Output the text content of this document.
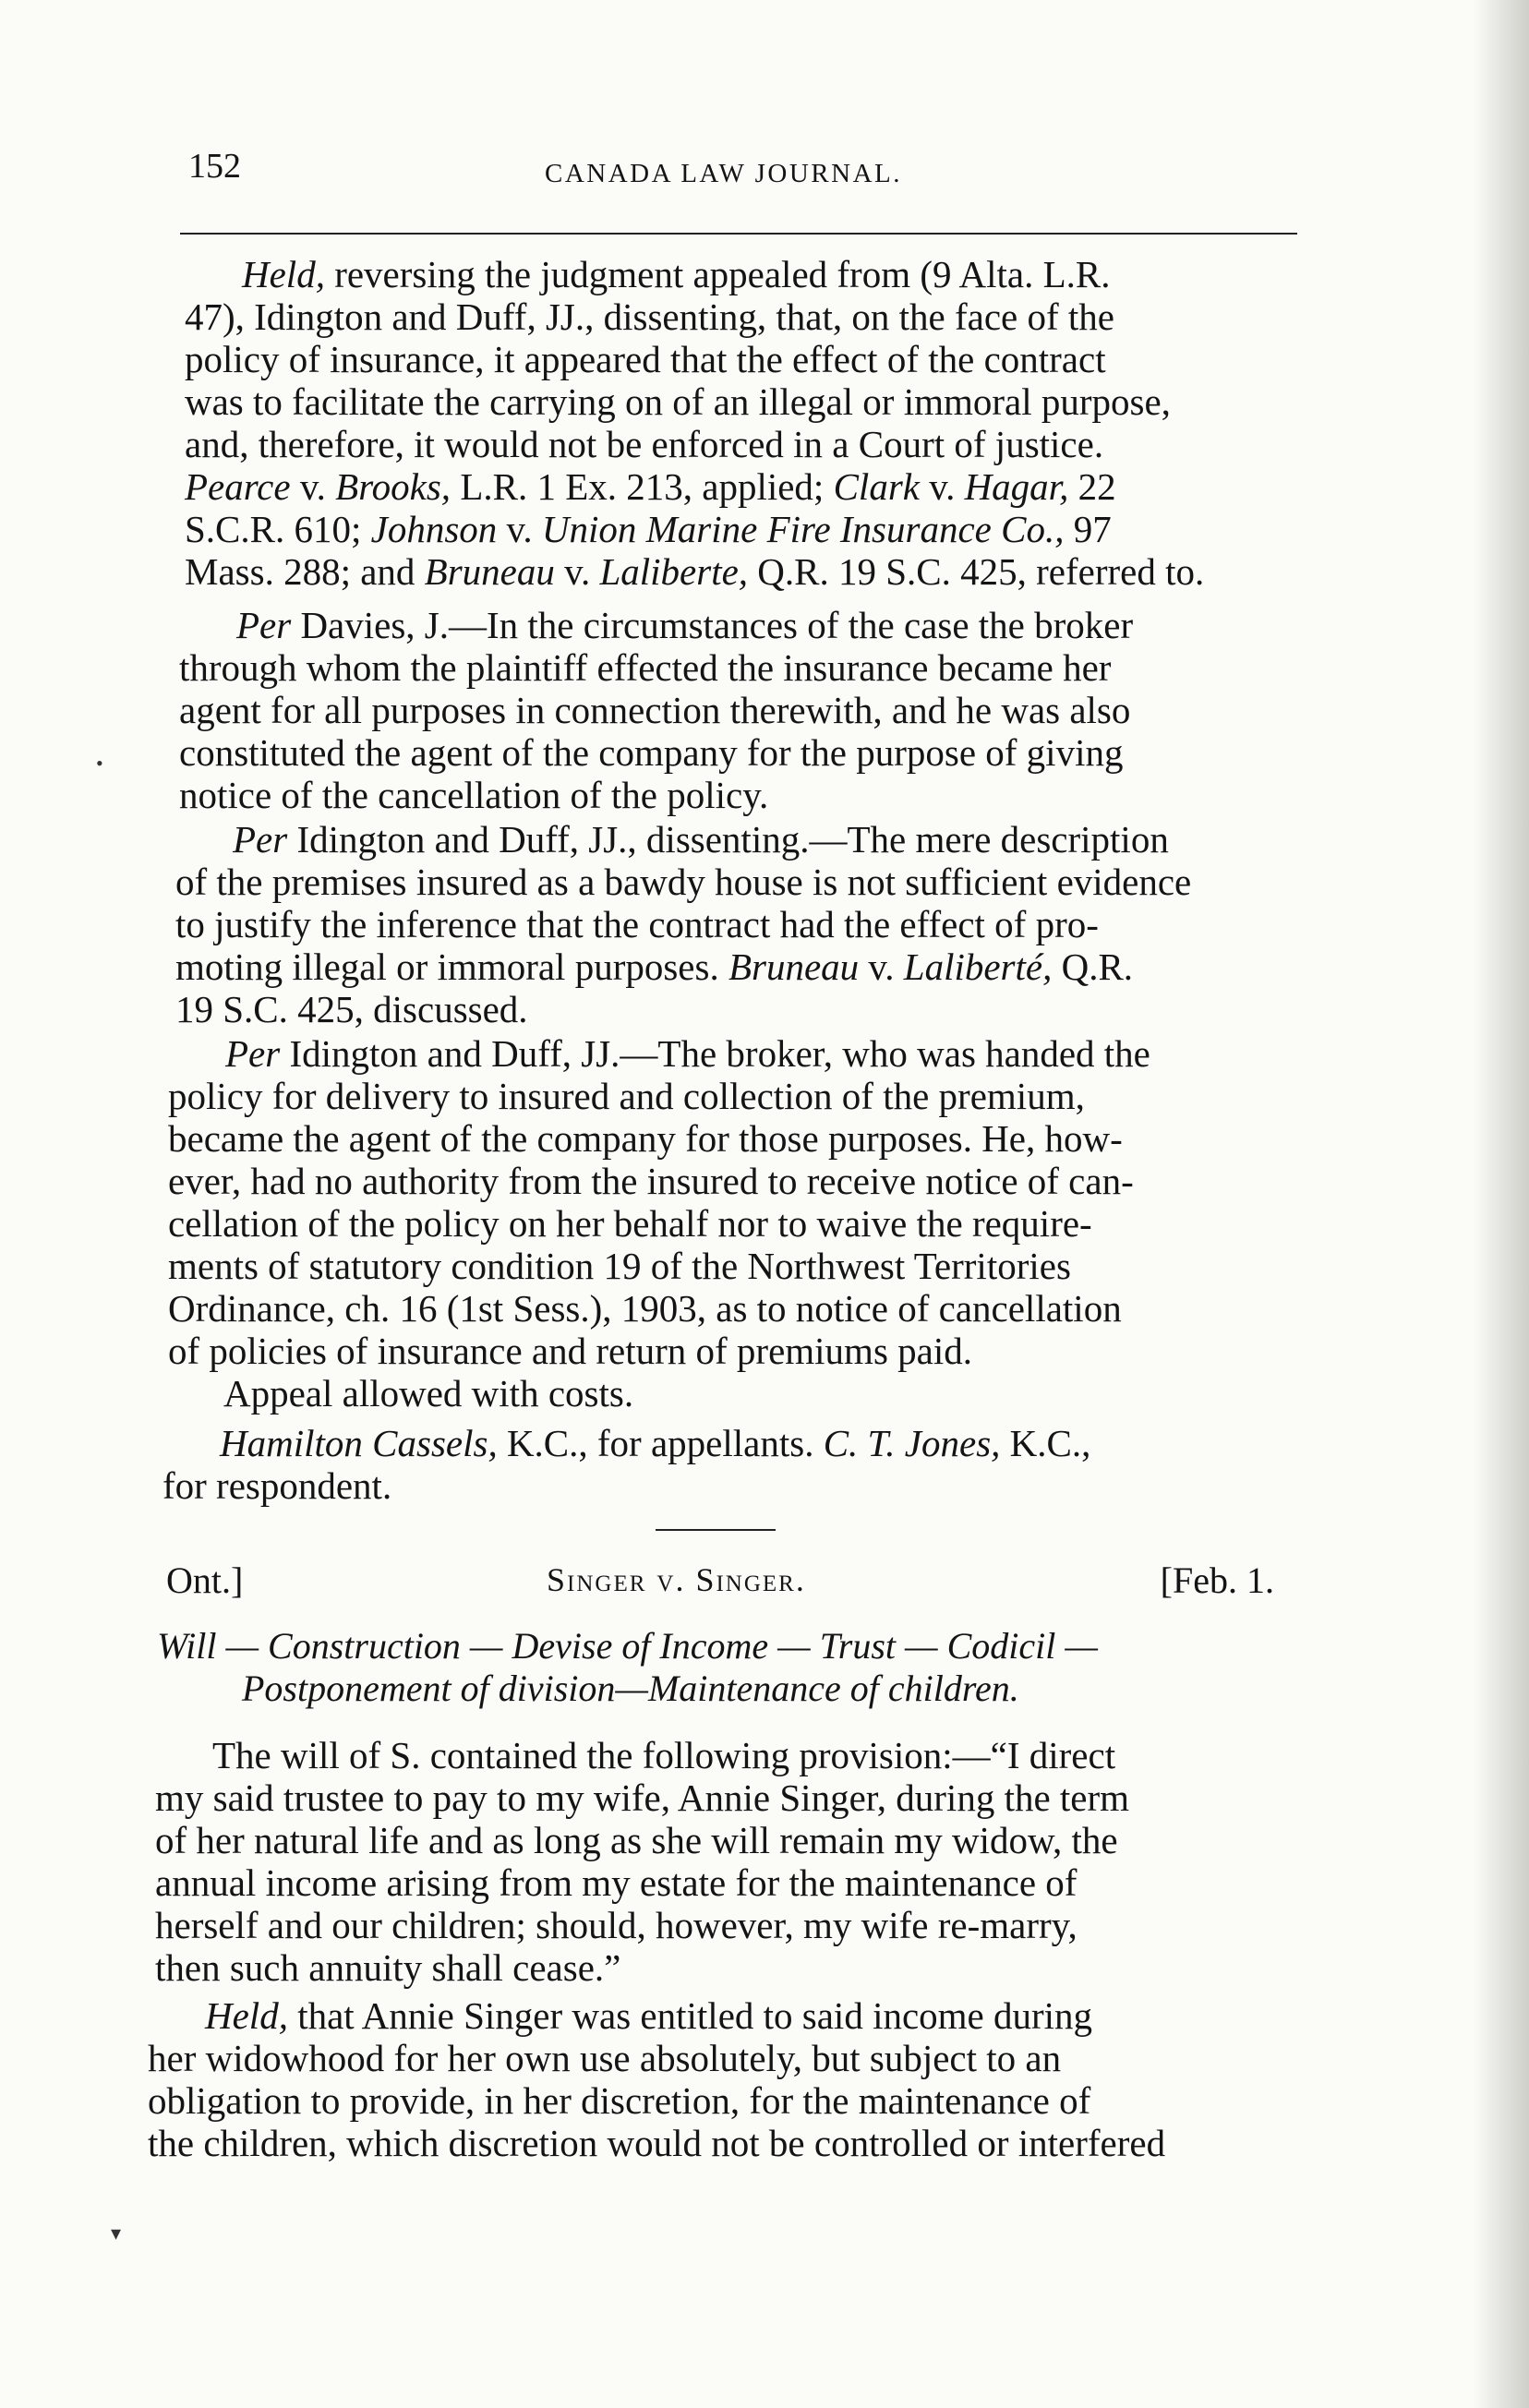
152	CANADA LAW JOURNAL.
Held, reversing the judgment appealed from (9 Alta. L.R.
47), Idington and Duff, JJ., dissenting, that, on the face of the
policy of insurance, it appeared that the effect of the contract
was to facilitate the carrying on of an illegal or immoral purpose,
and, therefore, it would not be enforced in a Court of justice.
Pearce v. Brooks, L.R. 1 Ex. 213, applied; Clark v. Hagar, 22
S.C.R. 610; Johnson v. Union Marine Fire Insurance Co., 97
Mass. 288; and Bruneau v. Laliberte, Q.R. 19 S.C. 425, referred to.
Per Davies, J.—In the circumstances of the case the broker
through whom the plaintiff effected the insurance became her
agent for all purposes in connection therewith, and he was also
constituted the agent of the company for the purpose of giving
notice of the cancellation of the policy.
Per Idington and Duff, JJ., dissenting.—The mere description
of the premises insured as a bawdy house is not sufficient evidence
to justify the inference that the contract had the effect of pro-
moting illegal or immoral purposes. Bruneau v. Laliberté, Q.R.
19 S.C. 425, discussed.
Per Idington and Duff, JJ.—The broker, who was handed the
policy for delivery to insured and collection of the premium,
became the agent of the company for those purposes. He, how-
ever, had no authority from the insured to receive notice of can-
cellation of the policy on her behalf nor to waive the require-
ments of statutory condition 19 of the Northwest Territories
Ordinance, ch. 16 (1st Sess.), 1903, as to notice of cancellation
of policies of insurance and return of premiums paid.
Appeal allowed with costs.
Hamilton Cassels, K.C., for appellants. C. T. Jones, K.C.,
for respondent.
Ont.]	Singer v. Singer.	[Feb. 1.
Will — Construction — Devise of Income — Trust — Codicil —
Postponement of division—Maintenance of children.
The will of S. contained the following provision:—“I direct
my said trustee to pay to my wife, Annie Singer, during the term
of her natural life and as long as she will remain my widow, the
annual income arising from my estate for the maintenance of
herself and our children; should, however, my wife re-marry,
then such annuity shall cease.”
Held, that Annie Singer was entitled to said income during
her widowhood for her own use absolutely, but subject to an
obligation to provide, in her discretion, for the maintenance of
the children, which discretion would not be controlled or interfered
•
▾
